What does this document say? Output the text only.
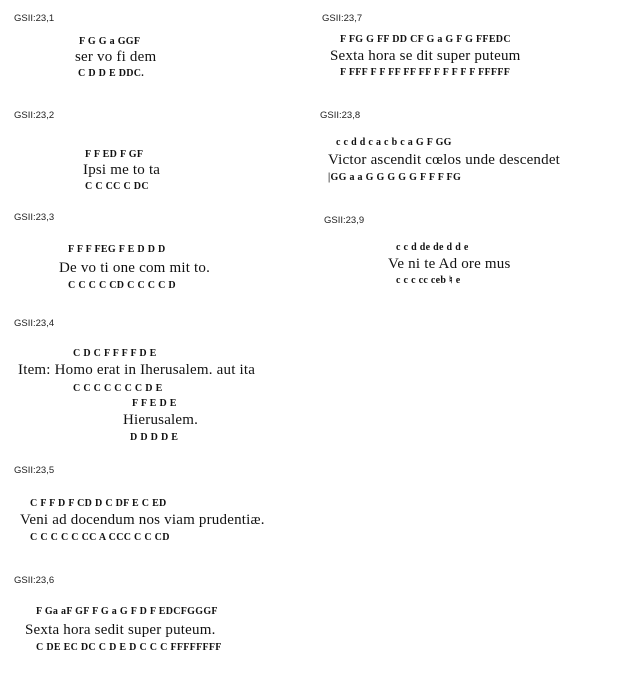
GSII:23,1
F G G a GGF
ser vo fi dem
C D D E DDC.
GSII:23,2
F F ED F GF
Ipsi me to ta
C C CC C DC
GSII:23,3
F F F FEG F E D D D
De vo ti one com mit to.
C C C C CD C C C C D
GSII:23,4
C D C F F F F D E
Item: Homo erat in Iherusalem. aut ita
C C C C C C C D E
F F E D E
Hierusalem.
D D D D E
GSII:23,5
C F F D F CD D C DF E C ED
Veni ad docendum nos viam prudentiæ.
C C C C C CC A CCC C C CD
GSII:23,6
F Ga aF GF F G a G F D F EDCFGGGF
Sexta hora sedit super puteum.
C DE EC DC C D E D C C C FFFFFFFF
GSII:23,7
F FG G FF DD CF G a G F G FFEDC
Sexta hora se dit super puteum
F FFF F F FF FF FF F F F F F FFFFF
GSII:23,8
c c d d c a c b c a G F GG
Victor ascendit cœlos unde descendet
|GG a a G G G G G F F F FG
GSII:23,9
c c d de de d d e
Ve ni te Ad ore mus
c c c cc ceb ♮ e
